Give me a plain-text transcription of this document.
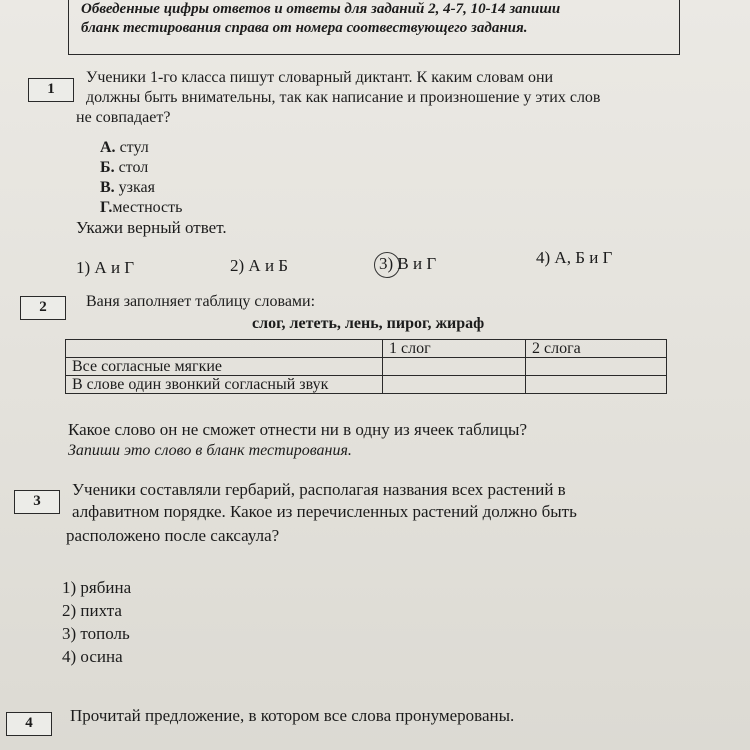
Обведенные цифры ответов и ответы для заданий 2, 4-7, 10-14 запиши
бланк тестирования справа от номера соотвествующего задания.
1
Ученики 1-го класса пишут словарный диктант. К каким словам они
должны быть внимательны, так как написание и произношение у этих слов
не совпадает?
А. стул
Б. стол
В. узкая
Г.местность
Укажи верный ответ.
1) А и Г	2) А и Б	3) В и Г	4) А, Б и Г
2	Ваня заполняет таблицу словами:
слог, лететь, лень, пирог, жираф
	1 слог	2 слога
Все согласные мягкие		
В слове один звонкий согласный звук		
Какое слово он не сможет отнести ни в одну из ячеек таблицы?
Запиши это слово в бланк тестирования.
3
Ученики составляли гербарий, располагая названия всех растений в
алфавитном порядке. Какое из перечисленных растений должно быть
расположено после саксаула?
1) рябина
2) пихта
3) тополь
4) осина
4	Прочитай предложение, в котором все слова пронумерованы.
